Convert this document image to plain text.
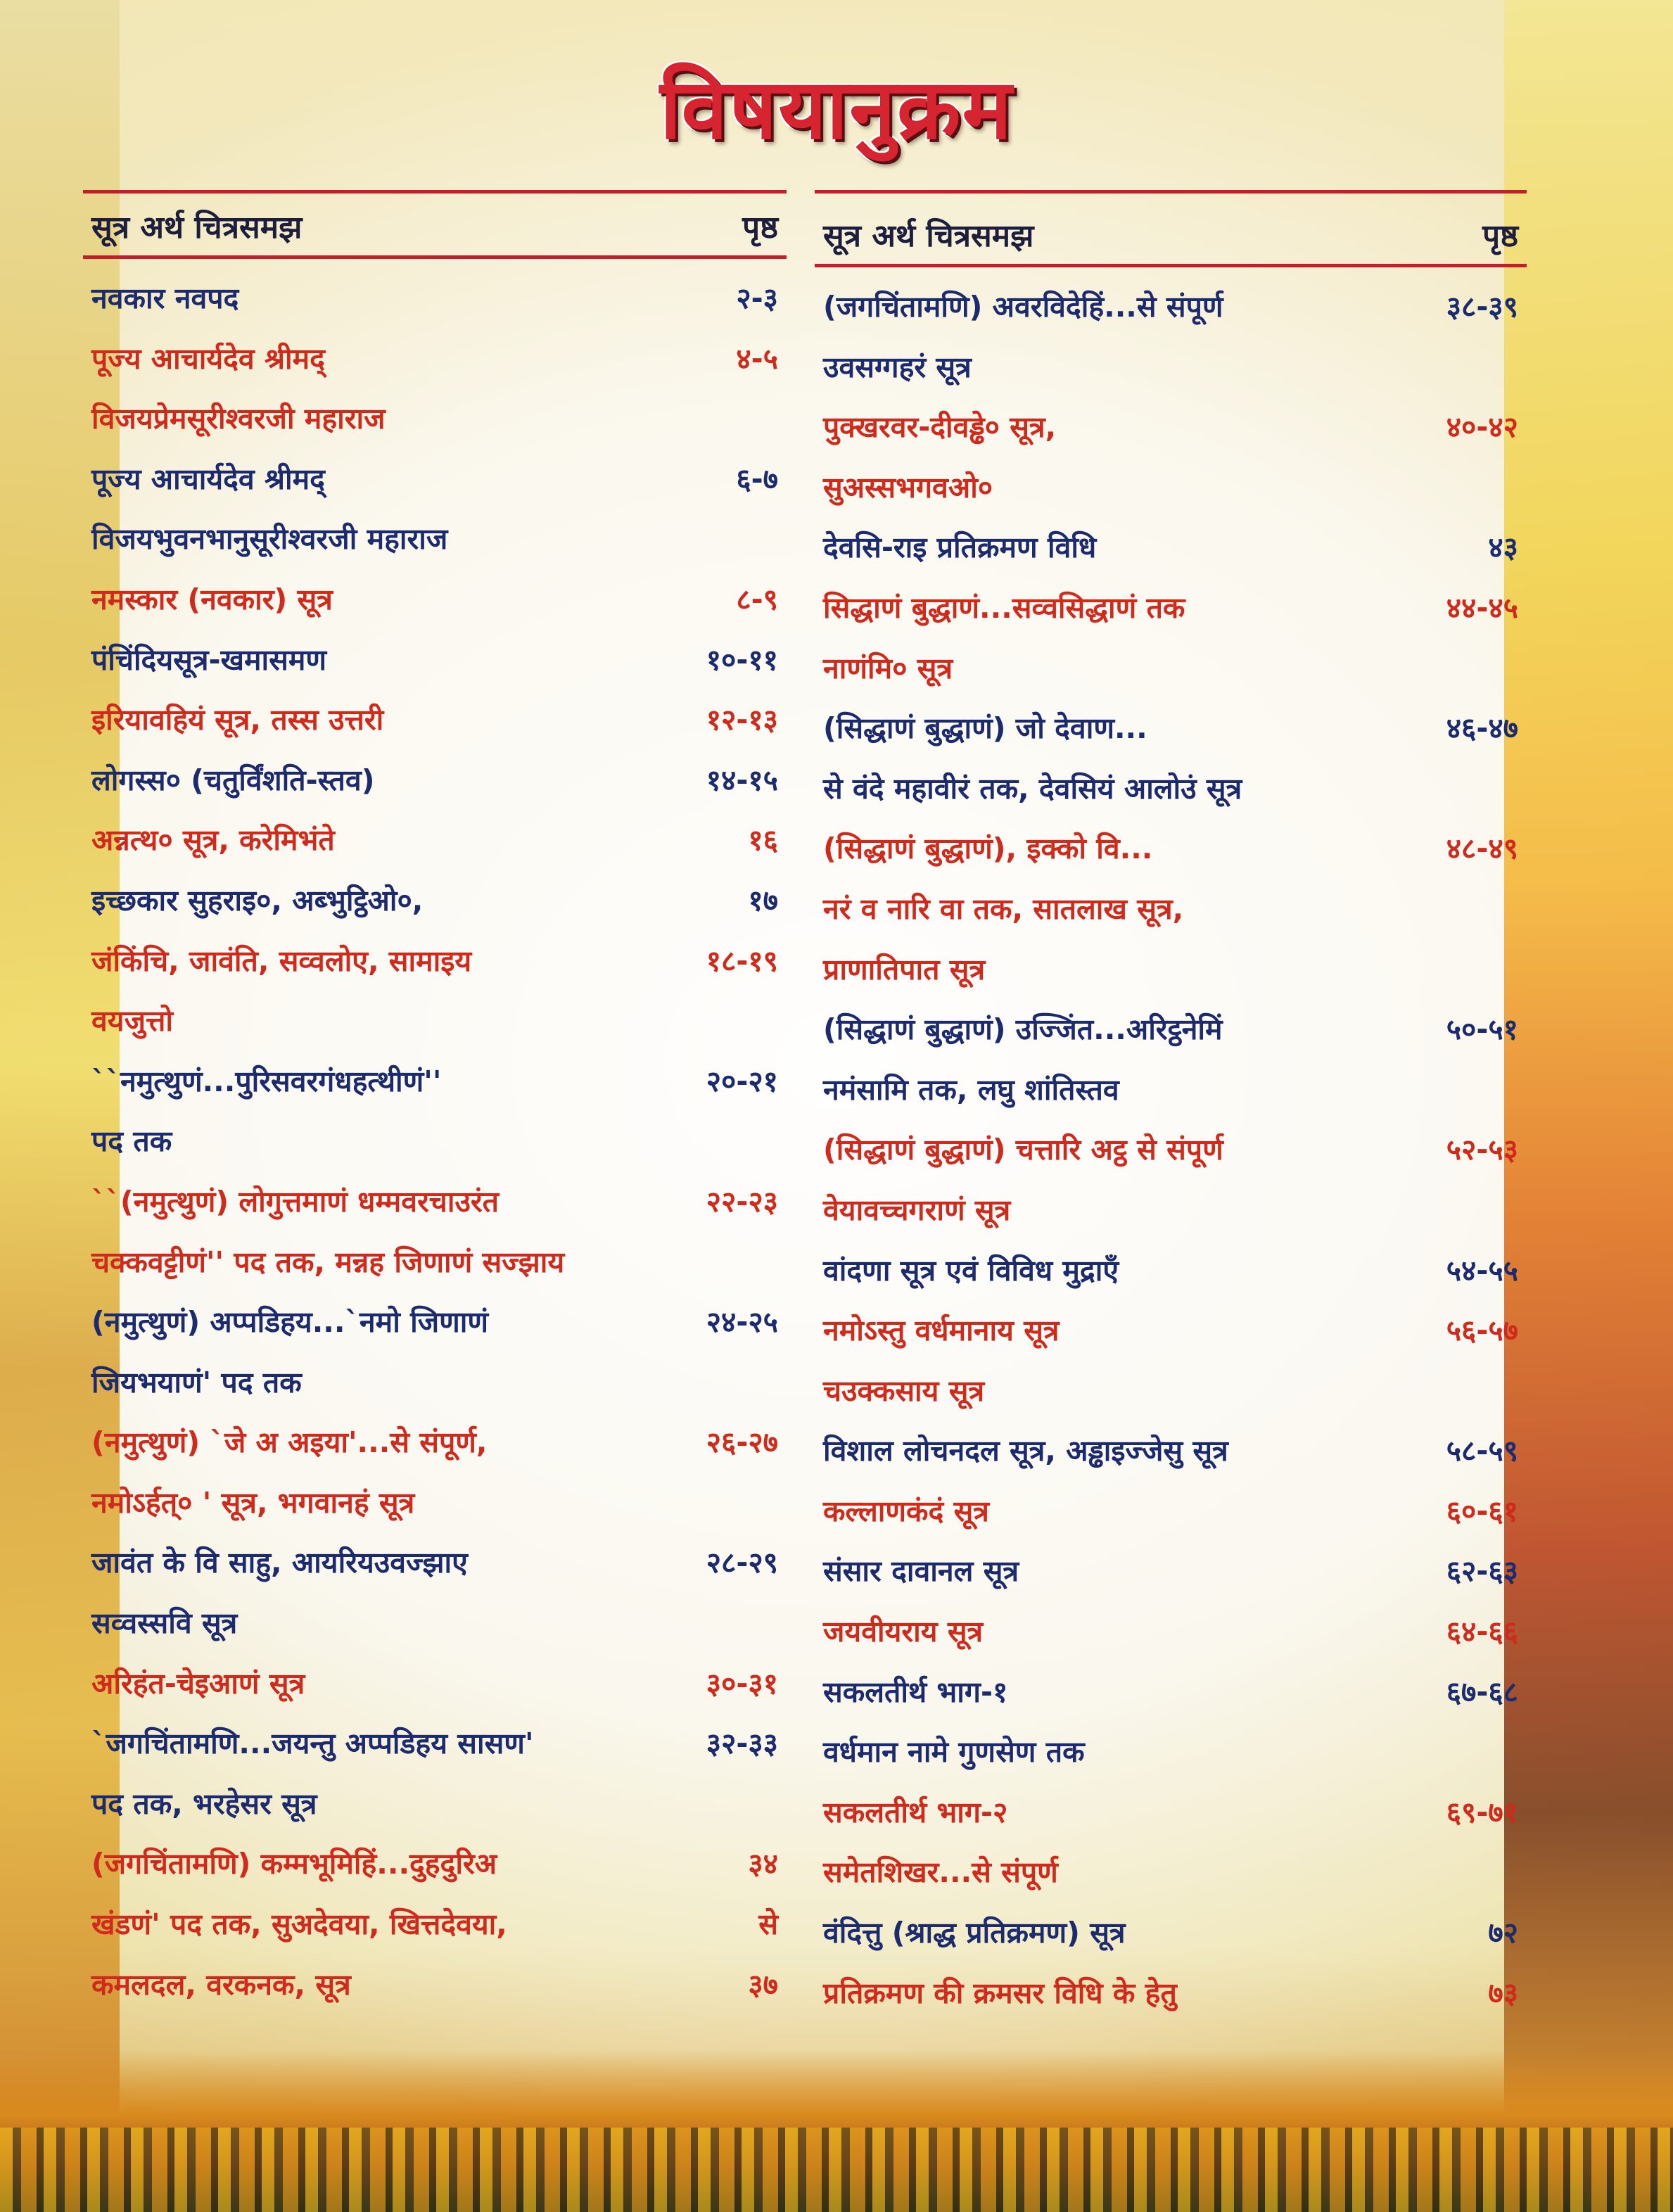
विषयानुक्रम
सूत्र अर्थ चित्रसमझ	पृष्ठ
नवकार नवपद	२-३
पूज्य आचार्यदेव श्रीमद्	४-५
विजयप्रेमसूरीश्वरजी महाराज
पूज्य आचार्यदेव श्रीमद्	६-७
विजयभुवनभानुसूरीश्वरजी महाराज
नमस्कार (नवकार) सूत्र	८-९
पंचिंदियसूत्र-खमासमण	१०-११
इरियावहियं सूत्र, तस्स उत्तरी	१२-१३
लोगस्स० (चतुर्विंशति-स्तव)	१४-१५
अन्नत्थ० सूत्र, करेमिभंते	१६
इच्छकार सुहराइ०, अब्भुट्ठिओ०,	१७
जंकिंचि, जावंति, सव्वलोए, सामाइय	१८-१९
वयजुत्तो
``नमुत्थुणं...पुरिसवरगंधहत्थीणं''	२०-२१
पद तक
``(नमुत्थुणं) लोगुत्तमाणं धम्मवरचाउरंत	२२-२३
चक्कवट्टीणं'' पद तक, मन्नह जिणाणं सज्झाय
(नमुत्थुणं) अप्पडिहय...`नमो जिणाणं	२४-२५
जियभयाणं' पद तक
(नमुत्थुणं) `जे अ अइया'...से संपूर्ण,	२६-२७
नमोऽर्हत्० ' सूत्र, भगवानहं सूत्र
जावंत के वि साहु, आयरियउवज्झाए	२८-२९
सव्वस्सवि सूत्र
अरिहंत-चेइआणं सूत्र	३०-३१
`जगचिंतामणि...जयन्तु अप्पडिहय सासण'	३२-३३
पद तक, भरहेसर सूत्र
(जगचिंतामणि) कम्मभूमिहिं...दुहदुरिअ	३४
खंडणं' पद तक, सुअदेवया, खित्तदेवया,	से
कमलदल, वरकनक, सूत्र	३७
सूत्र अर्थ चित्रसमझ	पृष्ठ
(जगचिंतामणि) अवरविदेहिं...से संपूर्ण	३८-३९
उवसग्गहरं सूत्र
पुक्खरवर-दीवड्ढे० सूत्र,	४०-४२
सुअस्सभगवओ०
देवसि-राइ प्रतिक्रमण विधि	४३
सिद्धाणं बुद्धाणं...सव्वसिद्धाणं तक	४४-४५
नाणंमि० सूत्र
(सिद्धाणं बुद्धाणं) जो देवाण...	४६-४७
से वंदे महावीरं तक, देवसियं आलोउं सूत्र
(सिद्धाणं बुद्धाणं), इक्को वि...	४८-४९
नरं व नारि वा तक, सातलाख सूत्र,
प्राणातिपात सूत्र
(सिद्धाणं बुद्धाणं) उज्जिंत...अरिट्ठनेमिं	५०-५१
नमंसामि तक, लघु शांतिस्तव
(सिद्धाणं बुद्धाणं) चत्तारि अट्ठ से संपूर्ण	५२-५३
वेयावच्चगराणं सूत्र
वांदणा सूत्र एवं विविध मुद्राएँ	५४-५५
नमोऽस्तु वर्धमानाय सूत्र	५६-५७
चउक्कसाय सूत्र
विशाल लोचनदल सूत्र, अड्ढाइज्जेसु सूत्र	५८-५९
कल्लाणकंदं सूत्र	६०-६१
संसार दावानल सूत्र	६२-६३
जयवीयराय सूत्र	६४-६६
सकलतीर्थ भाग-१	६७-६८
वर्धमान नामे गुणसेण तक
सकलतीर्थ भाग-२	६९-७१
समेतशिखर...से संपूर्ण
वंदित्तु (श्राद्ध प्रतिक्रमण) सूत्र	७२
प्रतिक्रमण की क्रमसर विधि के हेतु	७३
